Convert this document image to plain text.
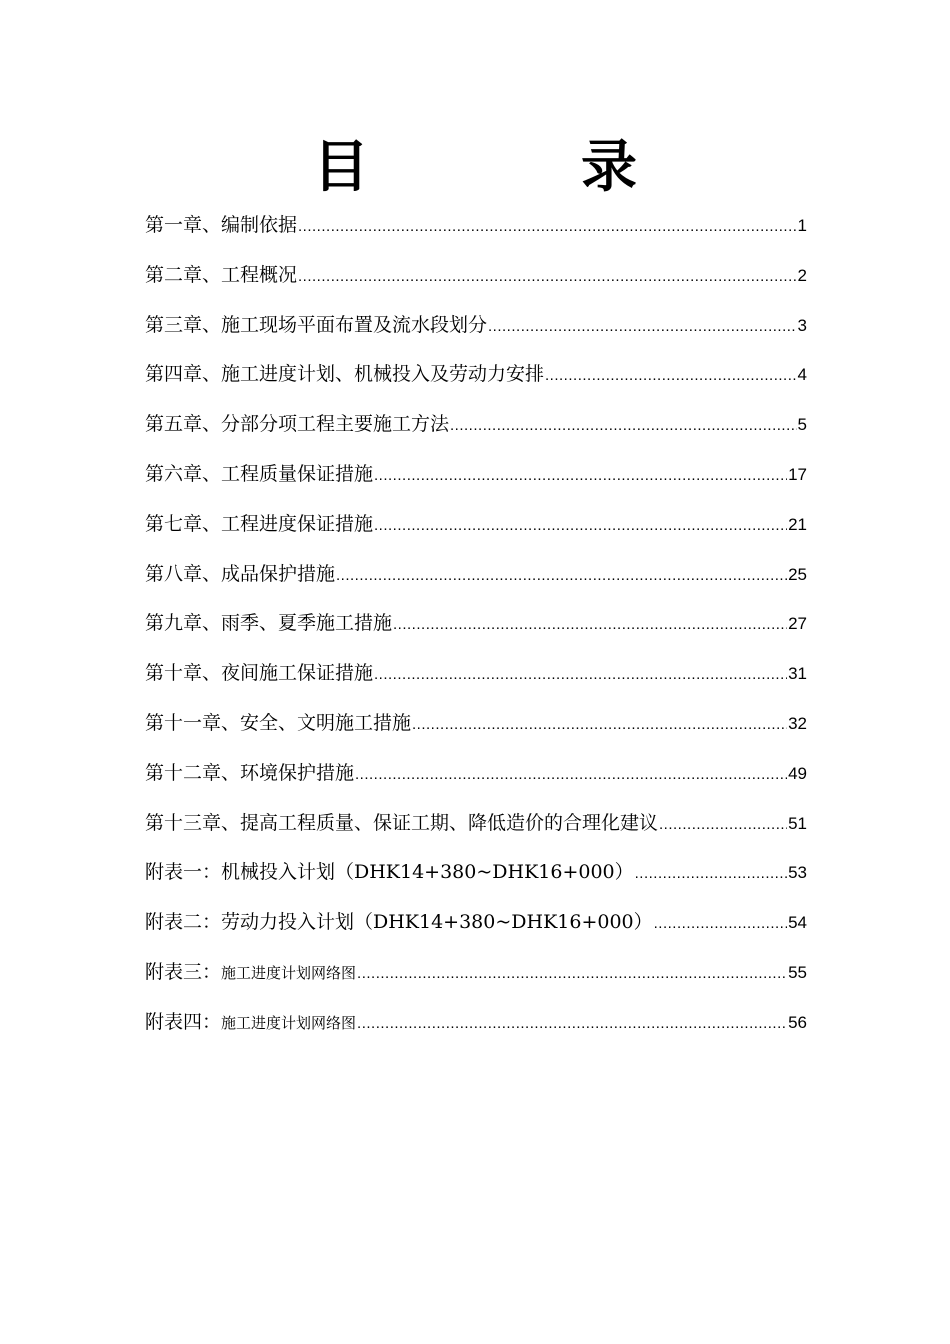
目　录
第一章、编制依据 .....	1
第二章、工程概况 .....	2
第三章、施工现场平面布置及流水段划分 .....	3
第四章、施工进度计划、机械投入及劳动力安排 .....	4
第五章、分部分项工程主要施工方法 .....	5
第六章、工程质量保证措施 .....	17
第七章、工程进度保证措施 .....	21
第八章、成品保护措施 .....	25
第九章、雨季、夏季施工措施 .....	27
第十章、夜间施工保证措施 .....	31
第十一章、安全、文明施工措施 .....	32
第十二章、环境保护措施 .....	49
第十三章、提高工程质量、保证工期、降低造价的合理化建议 .....	51
附表一：机械投入计划（DHK14+380~DHK16+000） .....	53
附表二：劳动力投入计划（DHK14+380~DHK16+000） .....	54
附表三：施工进度计划网络图 .....	55
附表四：施工进度计划网络图 .....	56
